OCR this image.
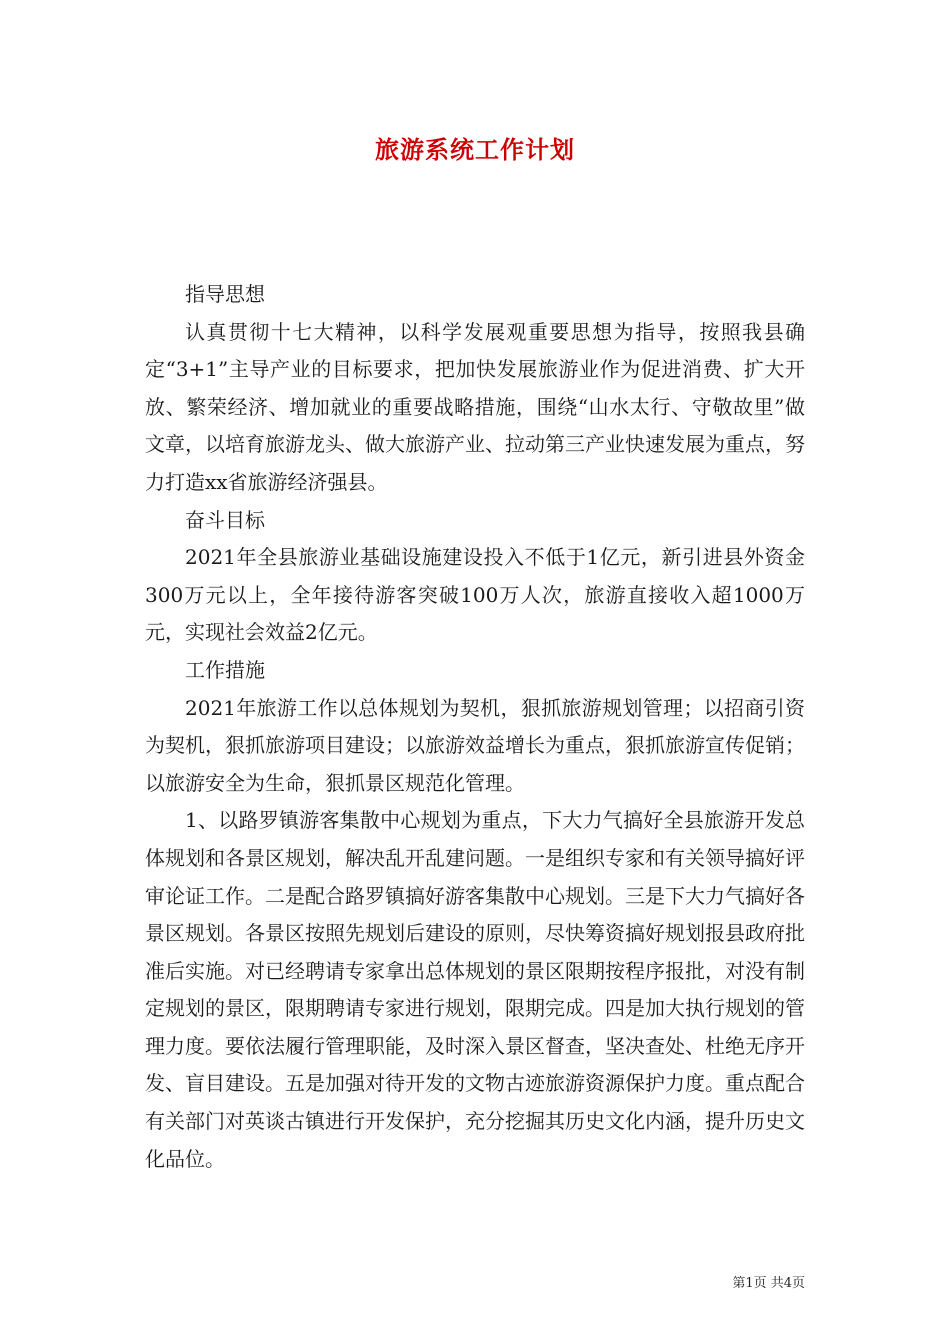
旅游系统工作计划

指导思想

认真贯彻十七大精神，以科学发展观重要思想为指导，按照我县确定“3+1”主导产业的目标要求，把加快发展旅游业作为促进消费、扩大开放、繁荣经济、增加就业的重要战略措施，围绕“山水太行、守敬故里”做文章，以培育旅游龙头、做大旅游产业、拉动第三产业快速发展为重点，努力打造xx省旅游经济强县。

奋斗目标

2021年全县旅游业基础设施建设投入不低于1亿元，新引进县外资金300万元以上，全年接待游客突破100万人次，旅游直接收入超1000万元，实现社会效益2亿元。

工作措施

2021年旅游工作以总体规划为契机，狠抓旅游规划管理；以招商引资为契机，狠抓旅游项目建设；以旅游效益增长为重点，狠抓旅游宣传促销；以旅游安全为生命，狠抓景区规范化管理。

1、以路罗镇游客集散中心规划为重点，下大力气搞好全县旅游开发总体规划和各景区规划，解决乱开乱建问题。一是组织专家和有关领导搞好评审论证工作。二是配合路罗镇搞好游客集散中心规划。三是下大力气搞好各景区规划。各景区按照先规划后建设的原则，尽快筹资搞好规划报县政府批准后实施。对已经聘请专家拿出总体规划的景区限期按程序报批，对没有制定规划的景区，限期聘请专家进行规划，限期完成。四是加大执行规划的管理力度。要依法履行管理职能，及时深入景区督查，坚决查处、杜绝无序开发、盲目建设。五是加强对待开发的文物古迹旅游资源保护力度。重点配合有关部门对英谈古镇进行开发保护，充分挖掘其历史文化内涵，提升历史文化品位。

第1页 共4页
